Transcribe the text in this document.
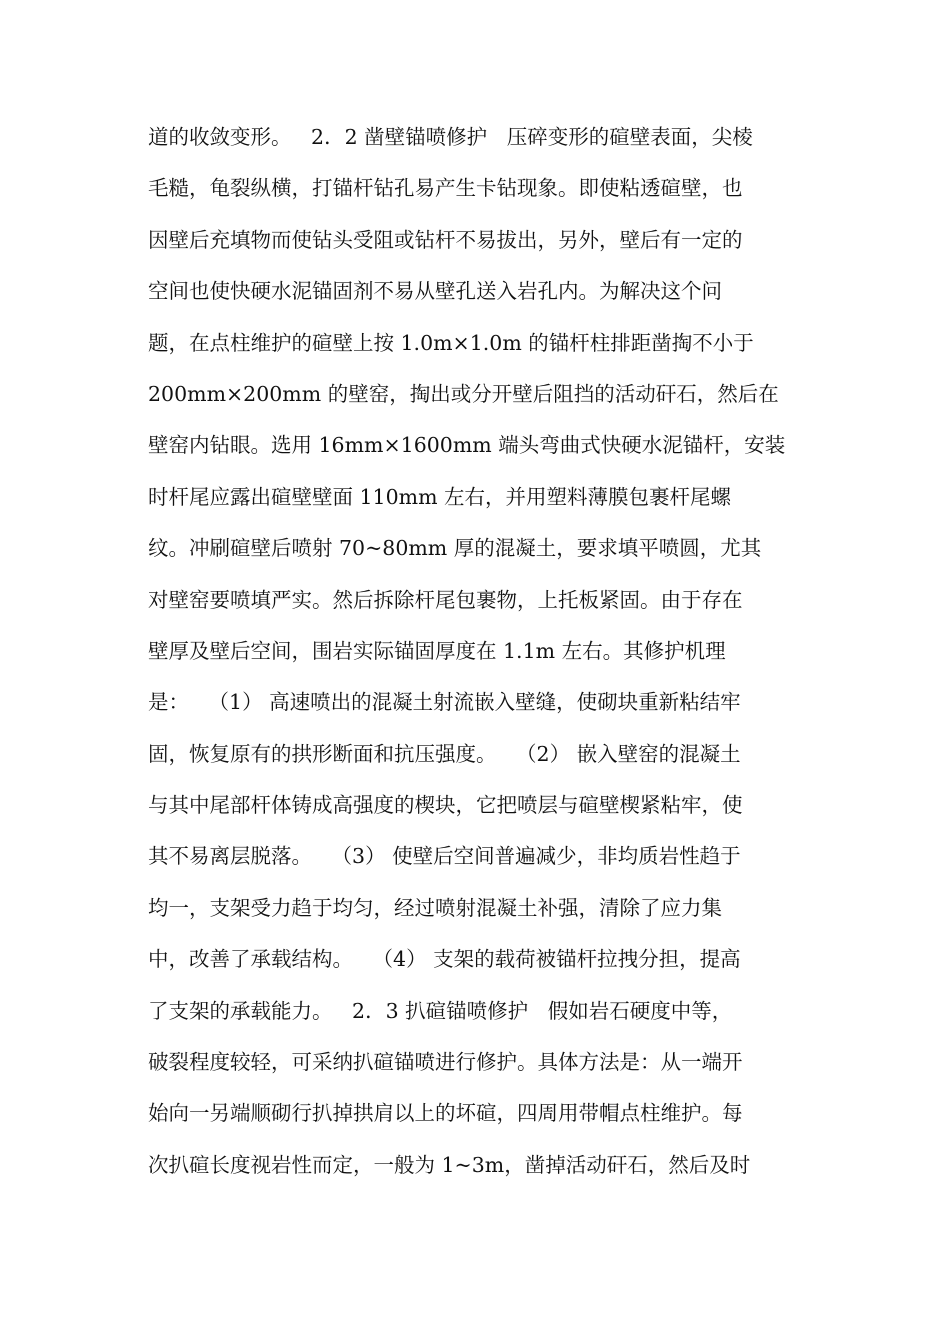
道的收敛变形。   2．2 凿壁锚喷修护   压碎变形的碹壁表面，尖棱
毛糙，龟裂纵横，打锚杆钻孔易产生卡钻现象。即使粘透碹壁，也
因壁后充填物而使钻头受阻或钻杆不易拔出，另外，壁后有一定的
空间也使快硬水泥锚固剂不易从壁孔送入岩孔内。为解决这个问
题，在点柱维护的碹壁上按 1.0m×1.0m 的锚杆柱排距凿掏不小于
200mm×200mm 的壁窑，掏出或分开壁后阻挡的活动矸石，然后在
壁窑内钻眼。选用 16mm×1600mm 端头弯曲式快硬水泥锚杆，安装
时杆尾应露出碹壁壁面 110mm 左右，并用塑料薄膜包裹杆尾螺
纹。冲刷碹壁后喷射 70~80mm 厚的混凝土，要求填平喷圆，尤其
对壁窑要喷填严实。然后拆除杆尾包裹物，上托板紧固。由于存在
壁厚及壁后空间，围岩实际锚固厚度在 1.1m 左右。其修护机理
是：   （1） 高速喷出的混凝土射流嵌入壁缝，使砌块重新粘结牢
固，恢复原有的拱形断面和抗压强度。   （2） 嵌入壁窑的混凝土
与其中尾部杆体铸成高强度的楔块，它把喷层与碹壁楔紧粘牢，使
其不易离层脱落。   （3） 使壁后空间普遍减少，非均质岩性趋于
均一，支架受力趋于均匀，经过喷射混凝土补强，清除了应力集
中，改善了承载结构。   （4） 支架的载荷被锚杆拉拽分担，提高
了支架的承载能力。   2．3 扒碹锚喷修护   假如岩石硬度中等，
破裂程度较轻，可采纳扒碹锚喷进行修护。具体方法是：从一端开
始向一另端顺砌行扒掉拱肩以上的坏碹，四周用带帽点柱维护。每
次扒碹长度视岩性而定，一般为 1~3m，凿掉活动矸石，然后及时
